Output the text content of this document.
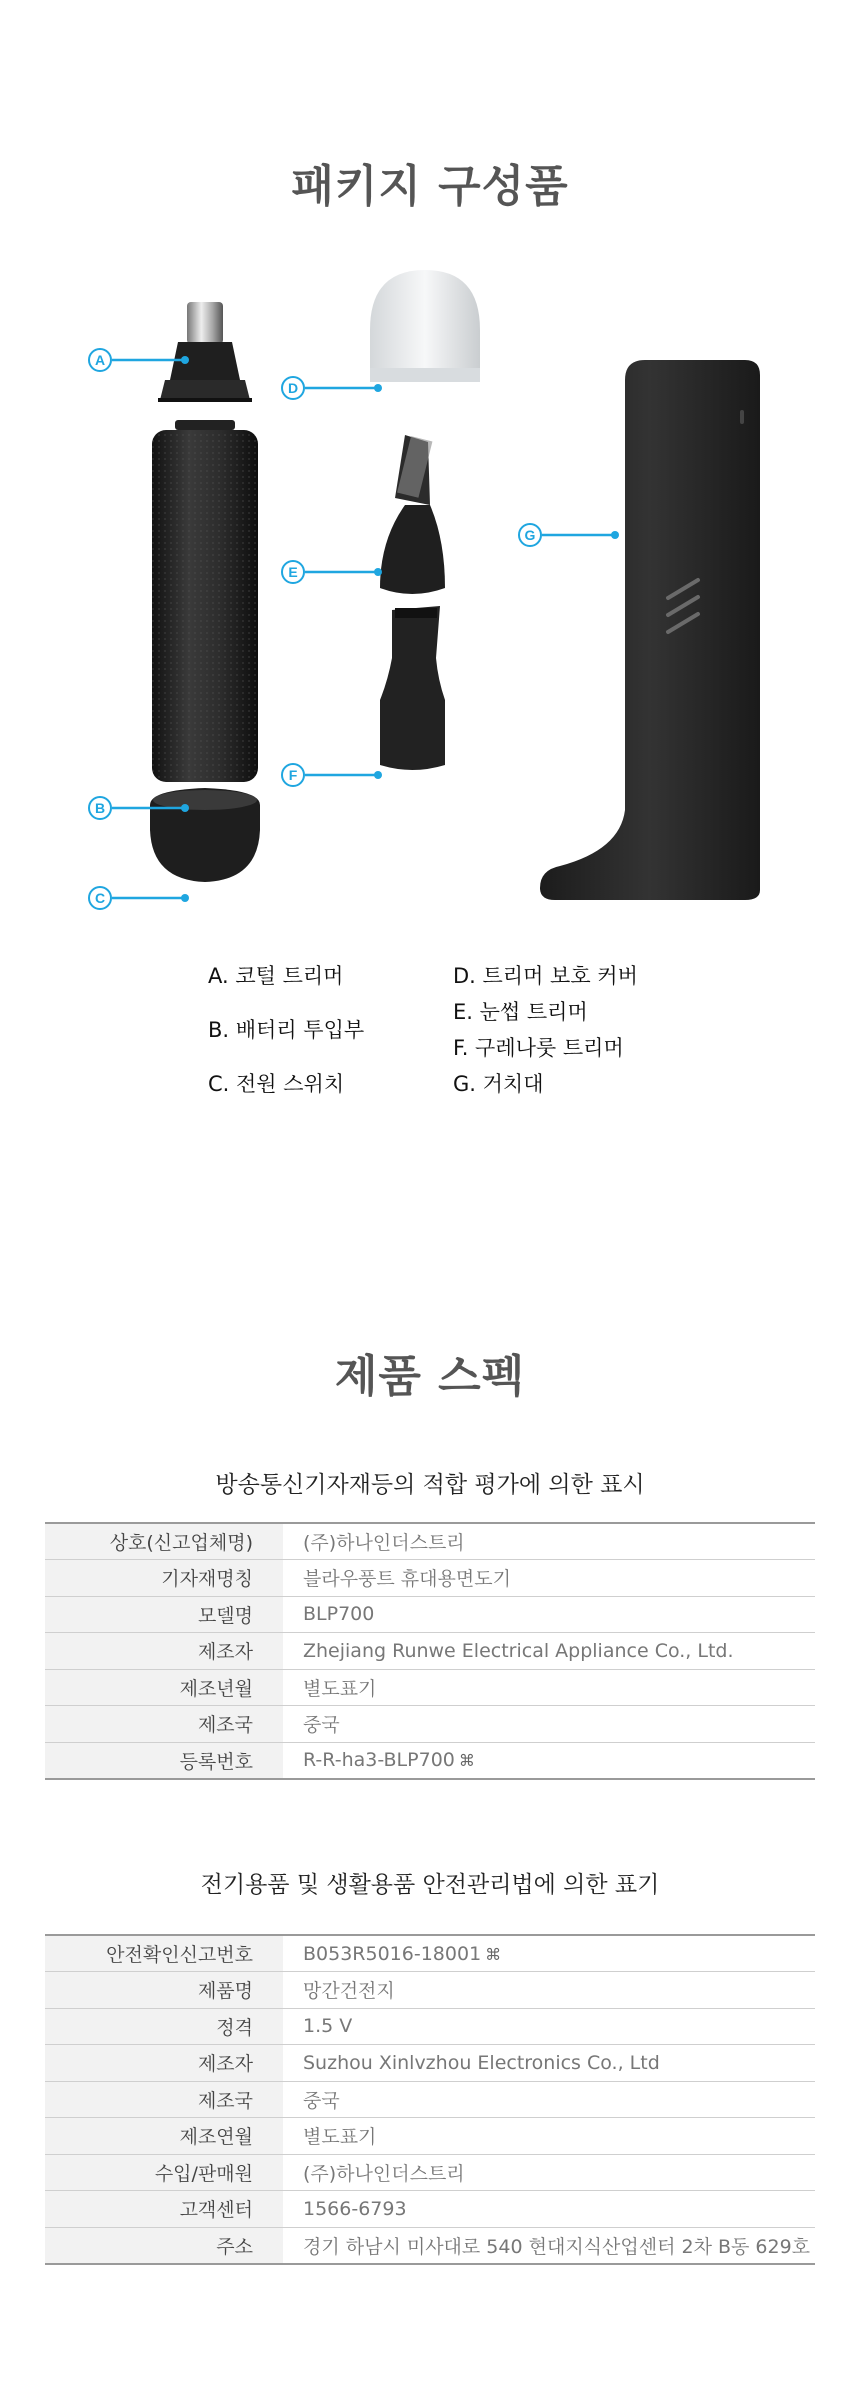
패키지 구성품
A
B
C
D
E
F
G
A. 코털 트리머
B. 배터리 투입부
C. 전원 스위치
D. 트리머 보호 커버
E. 눈썹 트리머
F. 구레나룻 트리머
G. 거치대
제품 스펙
방송통신기자재등의 적합 평가에 의한 표시
상호(신고업체명)	(주)하나인더스트리
기자재명칭	블라우풍트 휴대용면도기
모델명	BLP700
제조자	Zhejiang Runwe Electrical Appliance Co., Ltd.
제조년월	별도표기
제조국	중국
등록번호	R-R-ha3-BLP700 ⌘
전기용품 및 생활용품 안전관리법에 의한 표기
안전확인신고번호	B053R5016-18001 ⌘
제품명	망간건전지
정격	1.5 V
제조자	Suzhou Xinlvzhou Electronics Co., Ltd
제조국	중국
제조연월	별도표기
수입/판매원	(주)하나인더스트리
고객센터	1566-6793
주소	경기 하남시 미사대로 540 현대지식산업센터 2차 B동 629호
